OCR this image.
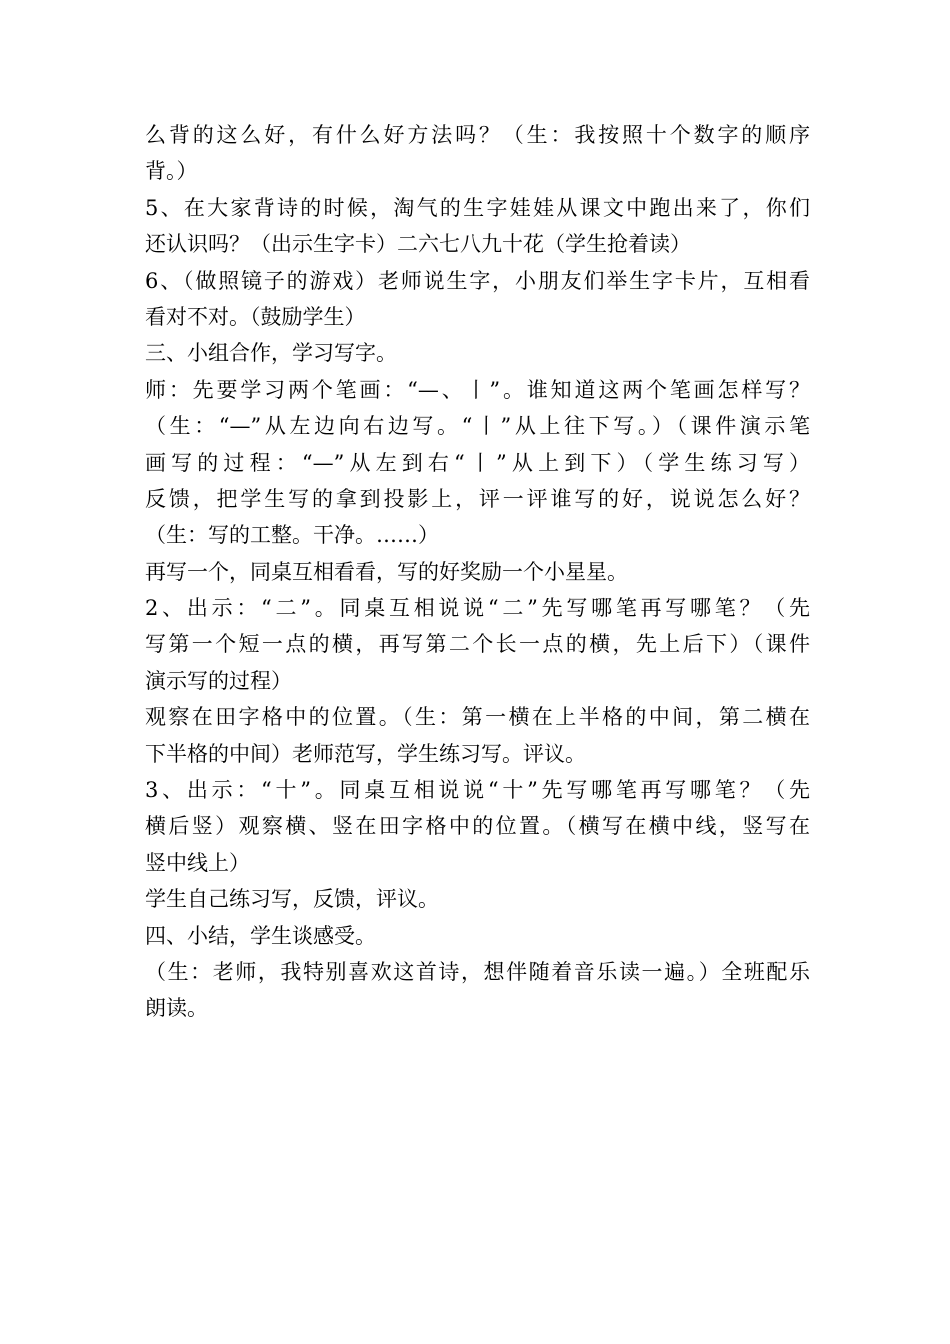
么背的这么好，有什么好方法吗？（生：我按照十个数字的顺序
背。）
5、在大家背诗的时候，淘气的生字娃娃从课文中跑出来了，你们
还认识吗？（出示生字卡）二六七八九十花（学生抢着读）
6、（做照镜子的游戏）老师说生字，小朋友们举生字卡片，互相看
看对不对。（鼓励学生）
三、小组合作，学习写字。
师：先要学习两个笔画：“—、丨”。谁知道这两个笔画怎样写？
（生：“—”从左边向右边写。“丨”从上往下写。）（课件演示笔
画写的过程：“—”从左到右“丨”从上到下）（学生练习写）
反馈，把学生写的拿到投影上，评一评谁写的好，说说怎么好？
（生：写的工整。干净。……）
再写一个，同桌互相看看，写的好奖励一个小星星。
2、出示：“二”。同桌互相说说“二”先写哪笔再写哪笔？（先
写第一个短一点的横，再写第二个长一点的横，先上后下）（课件
演示写的过程）
观察在田字格中的位置。（生：第一横在上半格的中间，第二横在
下半格的中间）老师范写，学生练习写。评议。
3、出示：“十”。同桌互相说说“十”先写哪笔再写哪笔？（先
横后竖）观察横、竖在田字格中的位置。（横写在横中线，竖写在
竖中线上）
学生自己练习写，反馈，评议。
四、小结，学生谈感受。
（生：老师，我特别喜欢这首诗，想伴随着音乐读一遍。）全班配乐
朗读。
